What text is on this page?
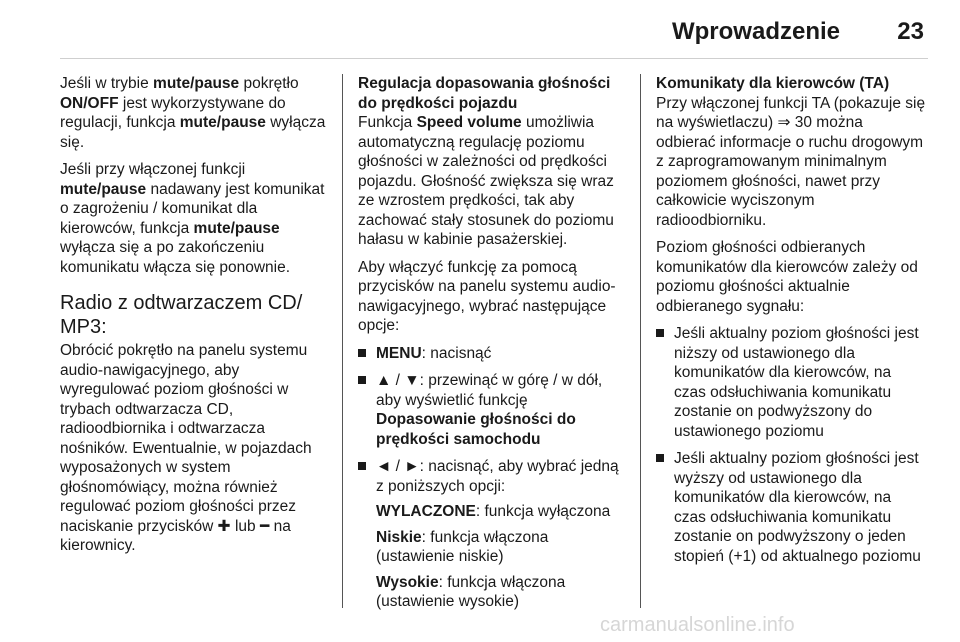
Wprowadzenie	23

Jeśli w trybie mute/pause pokrętło ON/OFF jest wykorzystywane do regulacji, funkcja mute/pause wyłącza się.

Jeśli przy włączonej funkcji mute/pause nadawany jest komunikat o zagrożeniu / komunikat dla kierowców, funkcja mute/pause wyłącza się a po zakończeniu komunikatu włącza się ponownie.

Radio z odtwarzaczem CD/ MP3:

Obrócić pokrętło na panelu systemu audio-nawigacyjnego, aby wyregulować poziom głośności w trybach odtwarzacza CD, radioodbiornika i odtwarzacza nośników. Ewentualnie, w pojazdach wyposażonych w system głośnomówiący, można również regulować poziom głośności przez naciskanie przycisków ✚ lub ━ na kierownicy.

Regulacja dopasowania głośności do prędkości pojazdu

Funkcja Speed volume umożliwia automatyczną regulację poziomu głośności w zależności od prędkości pojazdu. Głośność zwiększa się wraz ze wzrostem prędkości, tak aby zachować stały stosunek do poziomu hałasu w kabinie pasażerskiej.

Aby włączyć funkcję za pomocą przycisków na panelu systemu audio-nawigacyjnego, wybrać następujące opcje:

MENU: nacisnąć
▲ / ▼: przewinąć w górę / w dół, aby wyświetlić funkcję
Dopasowanie głośności do prędkości samochodu

◄ / ►: nacisnąć, aby wybrać jedną z poniższych opcji:

WYLACZONE: funkcja wyłączona

Niskie: funkcja włączona (ustawienie niskie)

Wysokie: funkcja włączona (ustawienie wysokie)

Komunikaty dla kierowców (TA)

Przy włączonej funkcji TA (pokazuje się na wyświetlaczu) ⇒ 30 można odbierać informacje o ruchu drogowym z zaprogramowanym minimalnym poziomem głośności, nawet przy całkowicie wyciszonym radioodbiorniku.

Poziom głośności odbieranych komunikatów dla kierowców zależy od poziomu głośności aktualnie odbieranego sygnału:

Jeśli aktualny poziom głośności jest niższy od ustawionego dla komunikatów dla kierowców, na czas odsłuchiwania komunikatu zostanie on podwyższony do ustawionego poziomu
Jeśli aktualny poziom głośności jest wyższy od ustawionego dla komunikatów dla kierowców, na czas odsłuchiwania komunikatu zostanie on podwyższony o jeden stopień (+1) od aktualnego poziomu
carmanualsonline.info
